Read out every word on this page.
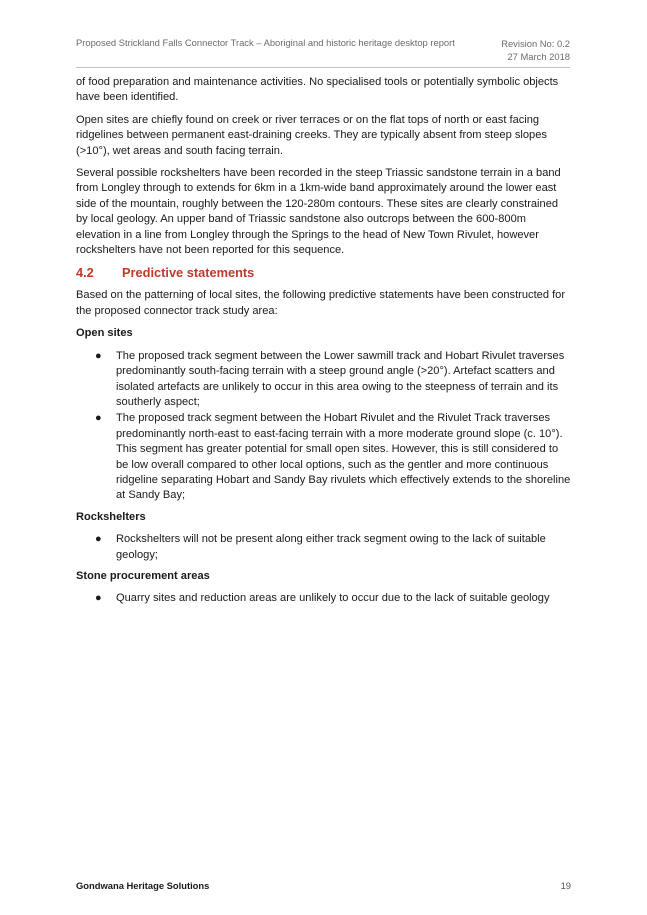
Proposed Strickland Falls Connector Track – Aboriginal and historic heritage desktop report	Revision No: 0.2
27 March 2018

of food preparation and maintenance activities. No specialised tools or potentially symbolic objects have been identified.

Open sites are chiefly found on creek or river terraces or on the flat tops of north or east facing ridgelines between permanent east-draining creeks. They are typically absent from steep slopes (>10°), wet areas and south facing terrain.

Several possible rockshelters have been recorded in the steep Triassic sandstone terrain in a band from Longley through to extends for 6km in a 1km-wide band approximately around the lower east side of the mountain, roughly between the 120-280m contours. These sites are clearly constrained by local geology. An upper band of Triassic sandstone also outcrops between the 600-800m elevation in a line from Longley through the Springs to the head of New Town Rivulet, however rockshelters have not been reported for this sequence.

4.2 Predictive statements

Based on the patterning of local sites, the following predictive statements have been constructed for the proposed connector track study area:

Open sites
● The proposed track segment between the Lower sawmill track and Hobart Rivulet traverses predominantly south-facing terrain with a steep ground angle (>20°). Artefact scatters and isolated artefacts are unlikely to occur in this area owing to the steepness of terrain and its southerly aspect;
● The proposed track segment between the Hobart Rivulet and the Rivulet Track traverses predominantly north-east to east-facing terrain with a more moderate ground slope (c. 10°). This segment has greater potential for small open sites. However, this is still considered to be low overall compared to other local options, such as the gentler and more continuous ridgeline separating Hobart and Sandy Bay rivulets which effectively extends to the shoreline at Sandy Bay;
Rockshelters
● Rockshelters will not be present along either track segment owing to the lack of suitable geology;
Stone procurement areas
● Quarry sites and reduction areas are unlikely to occur due to the lack of suitable geology
Gondwana Heritage Solutions	19
